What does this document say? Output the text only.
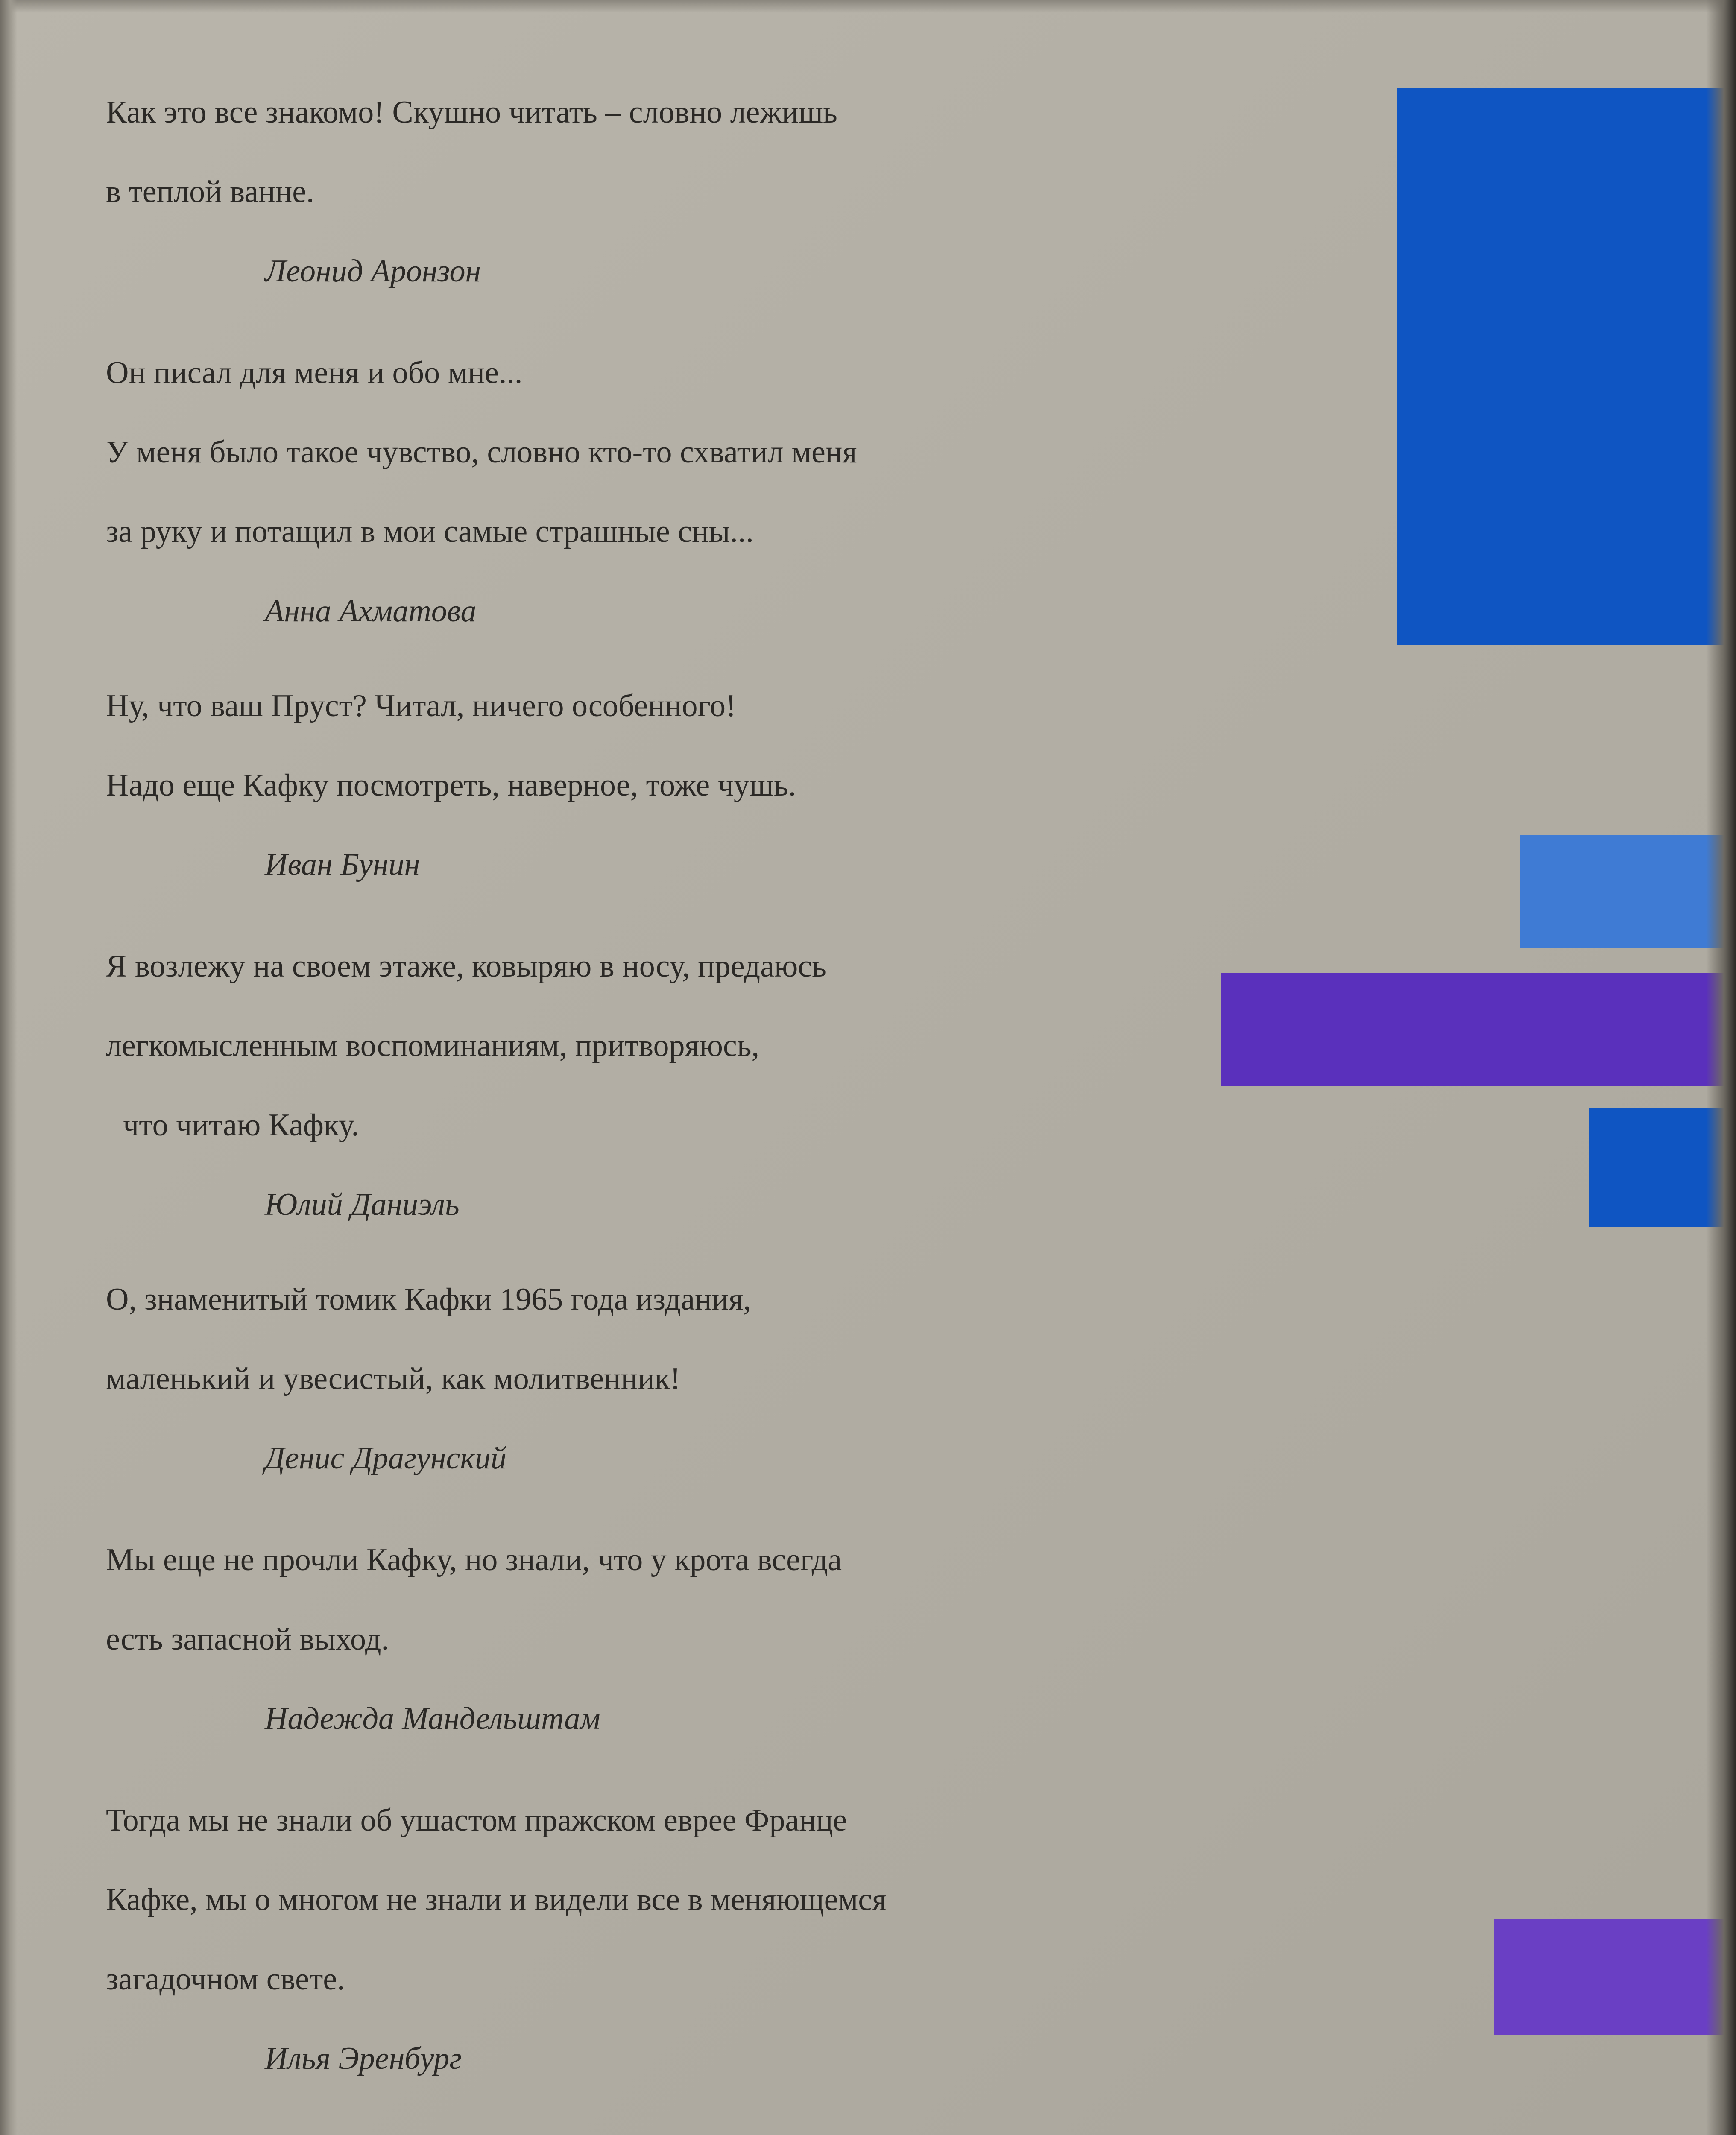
Как это все знакомо! Скушно читать – словно лежишь
в теплой ванне.
Леонид Аронзон
Он писал для меня и обо мне...
У меня было такое чувство, словно кто-то схватил меня
за руку и потащил в мои самые страшные сны...
Анна Ахматова
Ну, что ваш Пруст? Читал, ничего особенного!
Надо еще Кафку посмотреть, наверное, тоже чушь.
Иван Бунин
Я возлежу на своем этаже, ковыряю в носу, предаюсь
легкомысленным воспоминаниям, притворяюсь,
что читаю Кафку.
Юлий Даниэль
О, знаменитый томик Кафки 1965 года издания,
маленький и увесистый, как молитвенник!
Денис Драгунский
Мы еще не прочли Кафку, но знали, что у крота всегда
есть запасной выход.
Надежда Мандельштам
Тогда мы не знали об ушастом пражском еврее Франце
Кафке, мы о многом не знали и видели все в меняющемся
загадочном свете.
Илья Эренбург
